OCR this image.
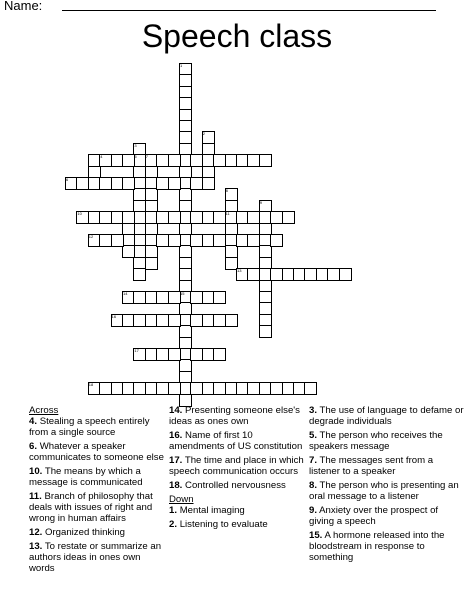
Name:
Speech class
1
2
3
4	5
6
7
8
9
10	11
12
13
14	15
16
17
18
Across
4. Stealing a speech entirely from a single source
6. Whatever a speaker communicates to someone else
10. The means by which a message is communicated
11. Branch of philosophy that deals with issues of right and wrong in human affairs
12. Organized thinking
13. To restate or summarize an authors ideas in ones own words
14. Presenting someone else's ideas as ones own
16. Name of first 10 amendments of US constitution
17. The time and place in which speech communication occurs
18. Controlled nervousness
Down
1. Mental imaging
2. Listening to evaluate
3. The use of language to defame or degrade individuals
5. The person who receives the speakers message
7. The messages sent from a listener to a speaker
8. The person who is presenting an oral message to a listener
9. Anxiety over the prospect of giving a speech
15. A hormone released into the bloodstream in response to something
